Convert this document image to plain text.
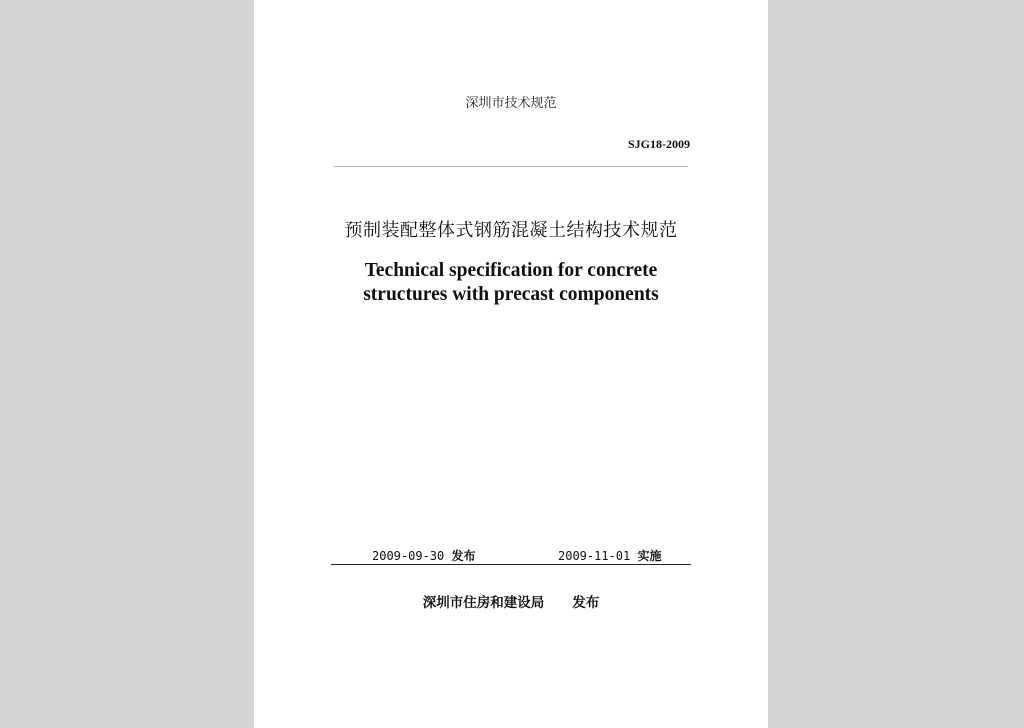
深圳市技术规范
SJG18-2009
预制装配整体式钢筋混凝土结构技术规范
Technical specification for concrete
structures with precast components
2009-09-30 发布	2009-11-01 实施
深圳市住房和建设局 发布
